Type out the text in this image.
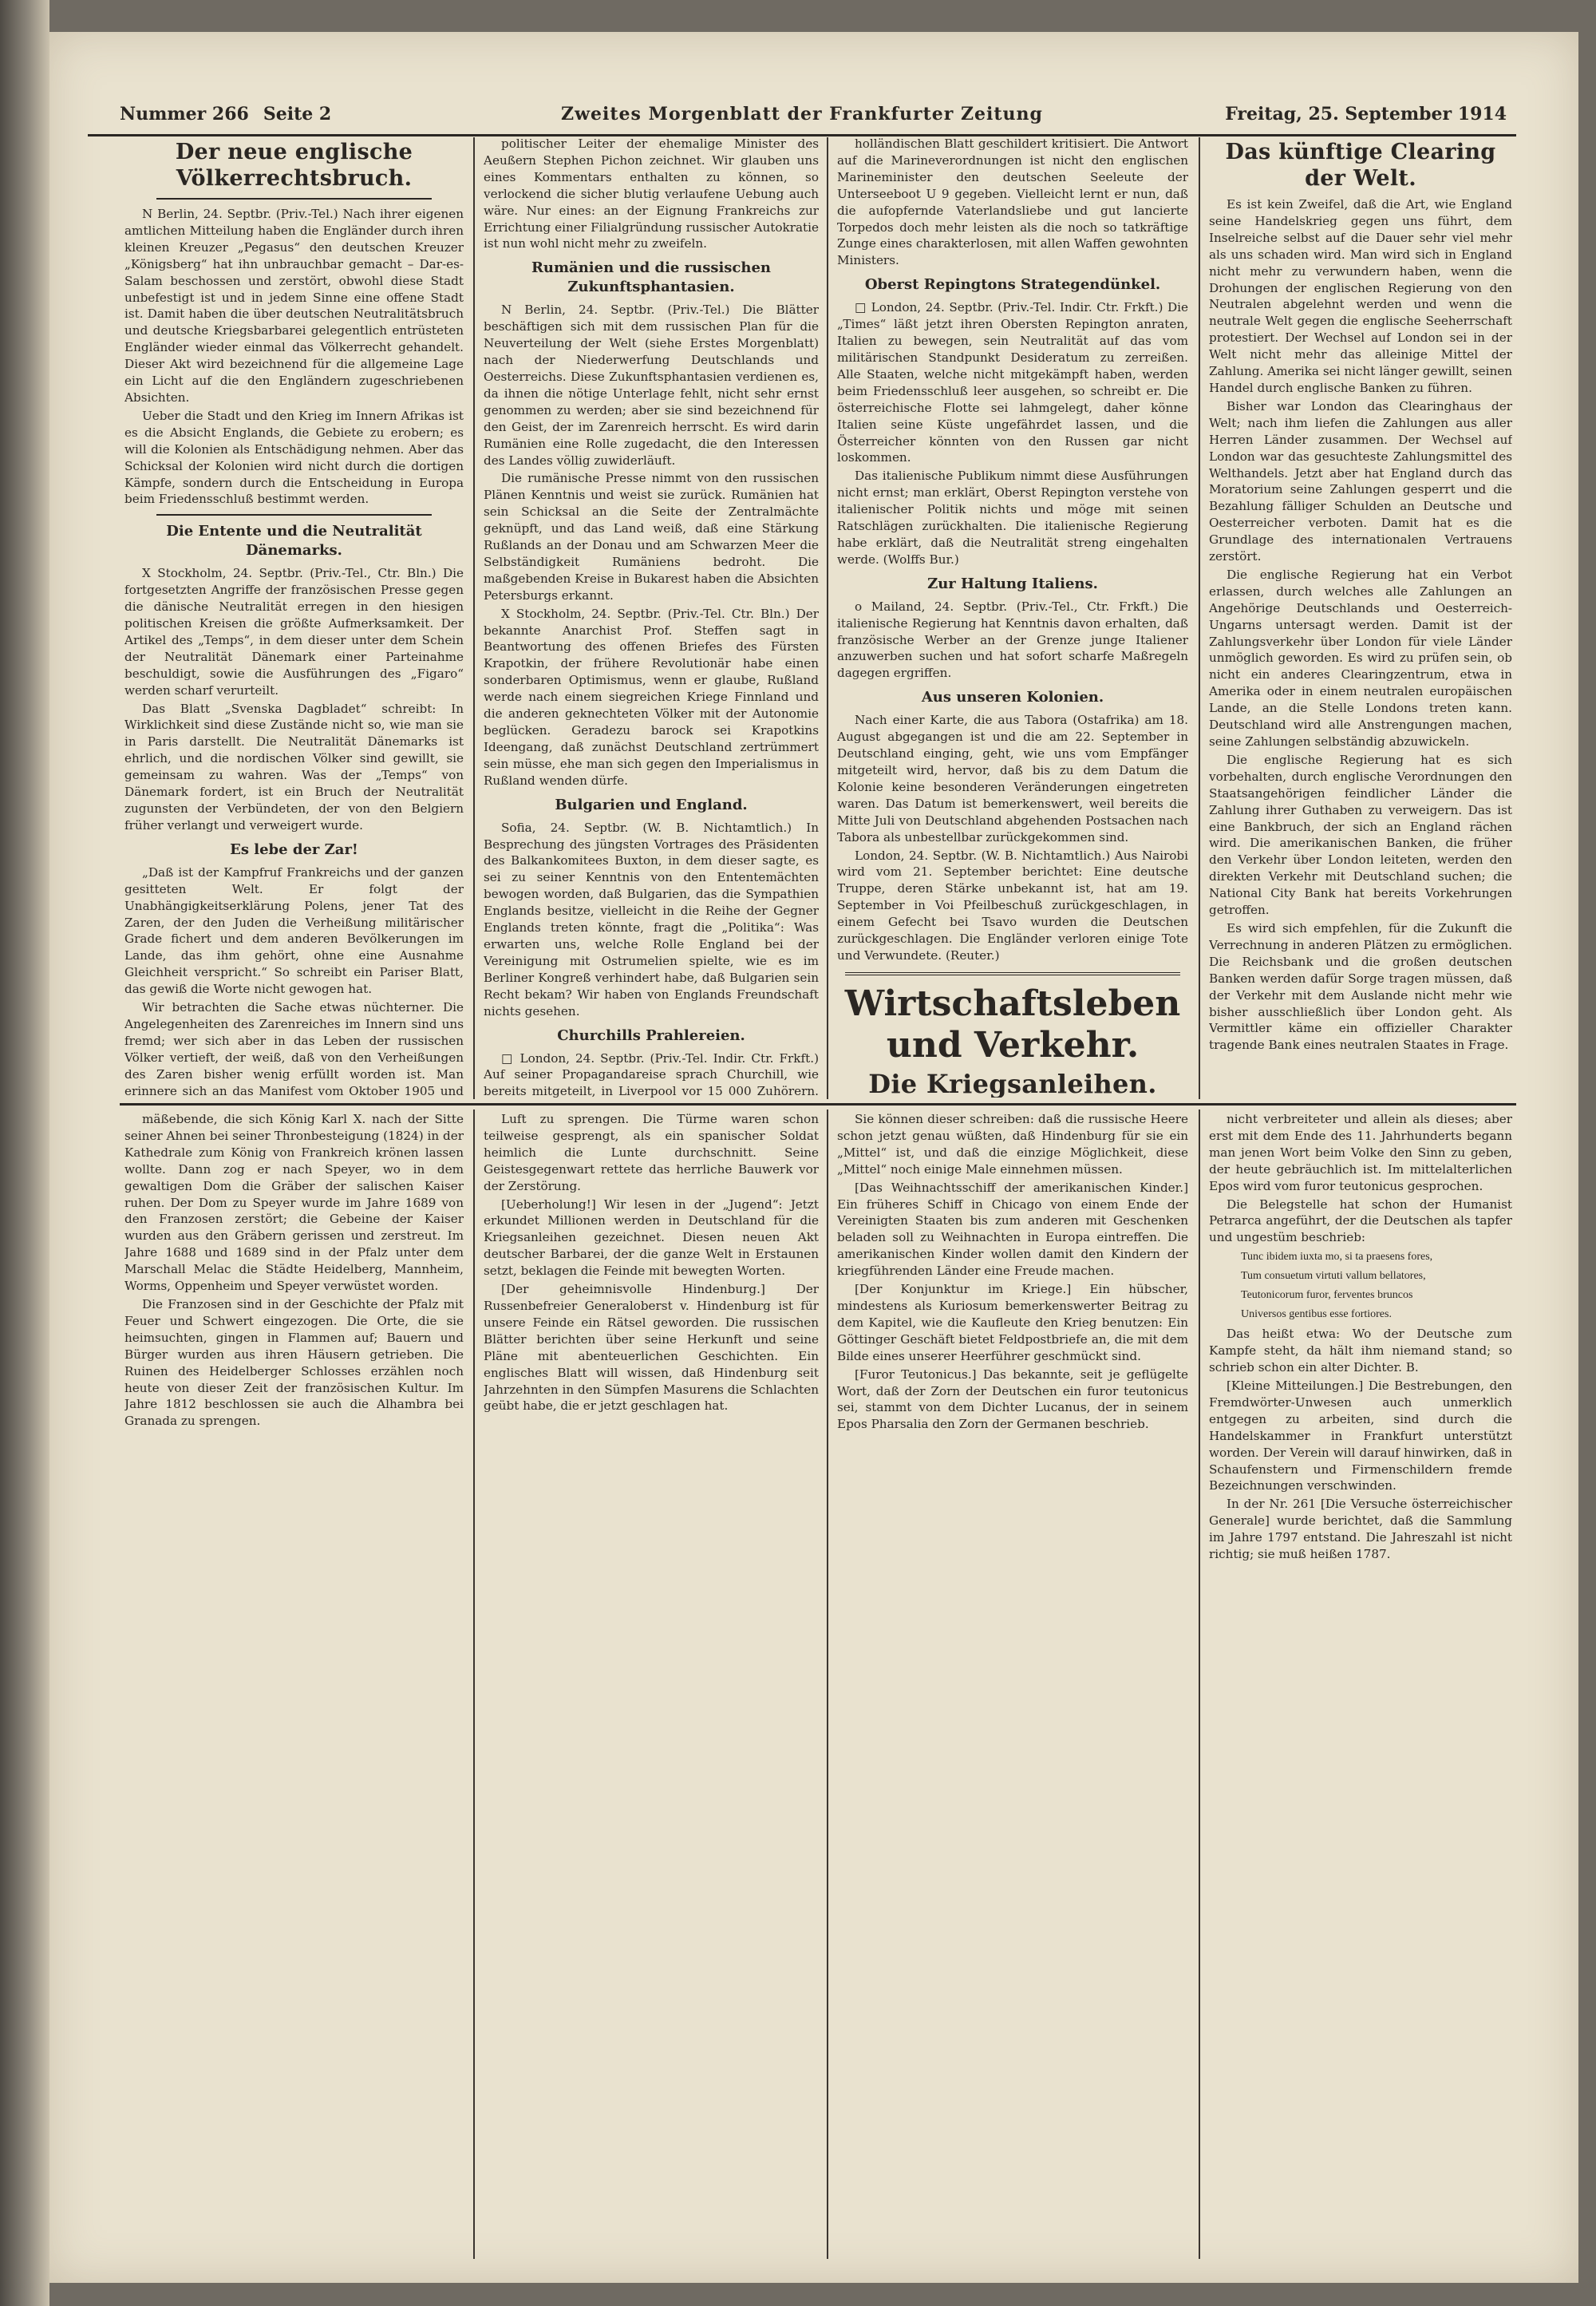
Nummer 266 Seite 2	Zweites Morgenblatt der Frankfurter Zeitung	Freitag, 25. September 1914
Der neue englische Völkerrechtsbruch.

N Berlin, 24. Septbr. (Priv.-Tel.) Nach ihrer eigenen amtlichen Mitteilung haben die Engländer durch ihren kleinen Kreuzer „Pegasus“ den deutschen Kreuzer „Königsberg“ hat ihn unbrauchbar gemacht – Dar-es-Salam beschossen und zerstört, obwohl diese Stadt unbefestigt ist und in jedem Sinne eine offene Stadt ist. Damit haben die über deutschen Neutralitätsbruch und deutsche Kriegsbarbarei gelegentlich entrüsteten Engländer wieder einmal das Völkerrecht gehandelt. Dieser Akt wird bezeichnend für die allgemeine Lage ein Licht auf die den Engländern zugeschriebenen Absichten.

Ueber die Stadt und den Krieg im Innern Afrikas ist es die Absicht Englands, die Gebiete zu erobern; es will die Kolonien als Entschädigung nehmen. Aber das Schicksal der Kolonien wird nicht durch die dortigen Kämpfe, sondern durch die Entscheidung in Europa beim Friedensschluß bestimmt werden.

Die Entente und die Neutralität Dänemarks.

X Stockholm, 24. Septbr. (Priv.-Tel., Ctr. Bln.) Die fortgesetzten Angriffe der französischen Presse gegen die dänische Neutralität erregen in den hiesigen politischen Kreisen die größte Aufmerksamkeit. Der Artikel des „Temps“, in dem dieser unter dem Schein der Neutralität Dänemark einer Parteinahme beschuldigt, sowie die Ausführungen des „Figaro“ werden scharf verurteilt.

Das Blatt „Svenska Dagbladet“ schreibt: In Wirklichkeit sind diese Zustände nicht so, wie man sie in Paris darstellt. Die Neutralität Dänemarks ist ehrlich, und die nordischen Völker sind gewillt, sie gemeinsam zu wahren. Was der „Temps“ von Dänemark fordert, ist ein Bruch der Neutralität zugunsten der Verbündeten, der von den Belgiern früher verlangt und verweigert wurde.

Es lebe der Zar!

„Daß ist der Kampfruf Frankreichs und der ganzen gesitteten Welt. Er folgt der Unabhängigkeitserklärung Polens, jener Tat des Zaren, der den Juden die Verheißung militärischer Grade fichert und dem anderen Bevölkerungen im Lande, das ihm gehört, ohne eine Ausnahme Gleichheit verspricht.“ So schreibt ein Pariser Blatt, das gewiß die Worte nicht gewogen hat.

Wir betrachten die Sache etwas nüchterner. Die Angelegenheiten des Zarenreiches im Innern sind uns fremd; wer sich aber in das Leben der russischen Völker vertieft, der weiß, daß von den Verheißungen des Zaren bisher wenig erfüllt worden ist. Man erinnere sich an das Manifest vom Oktober 1905 und

politischer Leiter der ehemalige Minister des Aeußern Stephen Pichon zeichnet. Wir glauben uns eines Kommentars enthalten zu können, so verlockend die sicher blutig verlaufene Uebung auch wäre. Nur eines: an der Eignung Frankreichs zur Errichtung einer Filialgründung russischer Autokratie ist nun wohl nicht mehr zu zweifeln.

Rumänien und die russischen Zukunftsphantasien.

N Berlin, 24. Septbr. (Priv.-Tel.) Die Blätter beschäftigen sich mit dem russischen Plan für die Neuverteilung der Welt (siehe Erstes Morgenblatt) nach der Niederwerfung Deutschlands und Oesterreichs. Diese Zukunftsphantasien verdienen es, da ihnen die nötige Unterlage fehlt, nicht sehr ernst genommen zu werden; aber sie sind bezeichnend für den Geist, der im Zarenreich herrscht. Es wird darin Rumänien eine Rolle zugedacht, die den Interessen des Landes völlig zuwiderläuft.

Die rumänische Presse nimmt von den russischen Plänen Kenntnis und weist sie zurück. Rumänien hat sein Schicksal an die Seite der Zentralmächte geknüpft, und das Land weiß, daß eine Stärkung Rußlands an der Donau und am Schwarzen Meer die Selbständigkeit Rumäniens bedroht. Die maßgebenden Kreise in Bukarest haben die Absichten Petersburgs erkannt.

X Stockholm, 24. Septbr. (Priv.-Tel. Ctr. Bln.) Der bekannte Anarchist Prof. Steffen sagt in Beantwortung des offenen Briefes des Fürsten Krapotkin, der frühere Revolutionär habe einen sonderbaren Optimismus, wenn er glaube, Rußland werde nach einem siegreichen Kriege Finnland und die anderen geknechteten Völker mit der Autonomie beglücken. Geradezu barock sei Krapotkins Ideengang, daß zunächst Deutschland zertrümmert sein müsse, ehe man sich gegen den Imperialismus in Rußland wenden dürfe.

Bulgarien und England.

Sofia, 24. Septbr. (W. B. Nichtamtlich.) In Besprechung des jüngsten Vortrages des Präsidenten des Balkankomitees Buxton, in dem dieser sagte, es sei zu seiner Kenntnis von den Ententemächten bewogen worden, daß Bulgarien, das die Sympathien Englands besitze, vielleicht in die Reihe der Gegner Englands treten könnte, fragt die „Politika“: Was erwarten uns, welche Rolle England bei der Vereinigung mit Ostrumelien spielte, wie es im Berliner Kongreß verhindert habe, daß Bulgarien sein Recht bekam? Wir haben von Englands Freundschaft nichts gesehen.

Churchills Prahlereien.

□ London, 24. Septbr. (Priv.-Tel. Indir. Ctr. Frkft.) Auf seiner Propagandareise sprach Churchill, wie bereits mitgeteilt, in Liverpool vor 15 000 Zuhörern.

holländischen Blatt geschildert kritisiert. Die Antwort auf die Marineverordnungen ist nicht den englischen Marineminister den deutschen Seeleute der Unterseeboot U 9 gegeben. Vielleicht lernt er nun, daß die aufopfernde Vaterlandsliebe und gut lancierte Torpedos doch mehr leisten als die noch so tatkräftige Zunge eines charakterlosen, mit allen Waffen gewohnten Ministers.

Oberst Repingtons Strategendünkel.

□ London, 24. Septbr. (Priv.-Tel. Indir. Ctr. Frkft.) Die „Times“ läßt jetzt ihren Obersten Repington anraten, Italien zu bewegen, sein Neutralität auf das vom militärischen Standpunkt Desideratum zu zerreißen. Alle Staaten, welche nicht mitgekämpft haben, werden beim Friedensschluß leer ausgehen, so schreibt er. Die österreichische Flotte sei lahmgelegt, daher könne Italien seine Küste ungefährdet lassen, und die Österreicher könnten von den Russen gar nicht loskommen.

Das italienische Publikum nimmt diese Ausführungen nicht ernst; man erklärt, Oberst Repington verstehe von italienischer Politik nichts und möge mit seinen Ratschlägen zurückhalten. Die italienische Regierung habe erklärt, daß die Neutralität streng eingehalten werde. (Wolffs Bur.)

Zur Haltung Italiens.

o Mailand, 24. Septbr. (Priv.-Tel., Ctr. Frkft.) Die italienische Regierung hat Kenntnis davon erhalten, daß französische Werber an der Grenze junge Italiener anzuwerben suchen und hat sofort scharfe Maßregeln dagegen ergriffen.

Aus unseren Kolonien.

Nach einer Karte, die aus Tabora (Ostafrika) am 18. August abgegangen ist und die am 22. September in Deutschland einging, geht, wie uns vom Empfänger mitgeteilt wird, hervor, daß bis zu dem Datum die Kolonie keine besonderen Veränderungen eingetreten waren. Das Datum ist bemerkenswert, weil bereits die Mitte Juli von Deutschland abgehenden Postsachen nach Tabora als unbestellbar zurückgekommen sind.

London, 24. Septbr. (W. B. Nichtamtlich.) Aus Nairobi wird vom 21. September berichtet: Eine deutsche Truppe, deren Stärke unbekannt ist, hat am 19. September in Voi Pfeilbeschuß zurückgeschlagen, in einem Gefecht bei Tsavo wurden die Deutschen zurückgeschlagen. Die Engländer verloren einige Tote und Verwundete. (Reuter.)

Wirtschaftsleben und Verkehr.
Die Kriegsanleihen.

Das künftige Clearing der Welt.

Es ist kein Zweifel, daß die Art, wie England seine Handelskrieg gegen uns führt, dem Inselreiche selbst auf die Dauer sehr viel mehr als uns schaden wird. Man wird sich in England nicht mehr zu verwundern haben, wenn die Drohungen der englischen Regierung von den Neutralen abgelehnt werden und wenn die neutrale Welt gegen die englische Seeherrschaft protestiert. Der Wechsel auf London sei in der Welt nicht mehr das alleinige Mittel der Zahlung. Amerika sei nicht länger gewillt, seinen Handel durch englische Banken zu führen.

Bisher war London das Clearinghaus der Welt; nach ihm liefen die Zahlungen aus aller Herren Länder zusammen. Der Wechsel auf London war das gesuchteste Zahlungsmittel des Welthandels. Jetzt aber hat England durch das Moratorium seine Zahlungen gesperrt und die Bezahlung fälliger Schulden an Deutsche und Oesterreicher verboten. Damit hat es die Grundlage des internationalen Vertrauens zerstört.

Die englische Regierung hat ein Verbot erlassen, durch welches alle Zahlungen an Angehörige Deutschlands und Oesterreich-Ungarns untersagt werden. Damit ist der Zahlungsverkehr über London für viele Länder unmöglich geworden. Es wird zu prüfen sein, ob nicht ein anderes Clearingzentrum, etwa in Amerika oder in einem neutralen europäischen Lande, an die Stelle Londons treten kann. Deutschland wird alle Anstrengungen machen, seine Zahlungen selbständig abzuwickeln.

Die englische Regierung hat es sich vorbehalten, durch englische Verordnungen den Staatsangehörigen feindlicher Länder die Zahlung ihrer Guthaben zu verweigern. Das ist eine Bankbruch, der sich an England rächen wird. Die amerikanischen Banken, die früher den Verkehr über London leiteten, werden den direkten Verkehr mit Deutschland suchen; die National City Bank hat bereits Vorkehrungen getroffen.

Es wird sich empfehlen, für die Zukunft die Verrechnung in anderen Plätzen zu ermöglichen. Die Reichsbank und die großen deutschen Banken werden dafür Sorge tragen müssen, daß der Verkehr mit dem Auslande nicht mehr wie bisher ausschließlich über London geht. Als Vermittler käme ein offizieller Charakter tragende Bank eines neutralen Staates in Frage.

mäßebende, die sich König Karl X. nach der Sitte seiner Ahnen bei seiner Thronbesteigung (1824) in der Kathedrale zum König von Frankreich krönen lassen wollte. Dann zog er nach Speyer, wo in dem gewaltigen Dom die Gräber der salischen Kaiser ruhen. Der Dom zu Speyer wurde im Jahre 1689 von den Franzosen zerstört; die Gebeine der Kaiser wurden aus den Gräbern gerissen und zerstreut. Im Jahre 1688 und 1689 sind in der Pfalz unter dem Marschall Melac die Städte Heidelberg, Mannheim, Worms, Oppenheim und Speyer verwüstet worden.

Die Franzosen sind in der Geschichte der Pfalz mit Feuer und Schwert eingezogen. Die Orte, die sie heimsuchten, gingen in Flammen auf; Bauern und Bürger wurden aus ihren Häusern getrieben. Die Ruinen des Heidelberger Schlosses erzählen noch heute von dieser Zeit der französischen Kultur. Im Jahre 1812 beschlossen sie auch die Alhambra bei Granada zu sprengen.

Luft zu sprengen. Die Türme waren schon teilweise gesprengt, als ein spanischer Soldat heimlich die Lunte durchschnitt. Seine Geistesgegenwart rettete das herrliche Bauwerk vor der Zerstörung.

[Ueberholung!] Wir lesen in der „Jugend“: Jetzt erkundet Millionen werden in Deutschland für die Kriegsanleihen gezeichnet. Diesen neuen Akt deutscher Barbarei, der die ganze Welt in Erstaunen setzt, beklagen die Feinde mit bewegten Worten.

[Der geheimnisvolle Hindenburg.] Der Russenbefreier Generaloberst v. Hindenburg ist für unsere Feinde ein Rätsel geworden. Die russischen Blätter berichten über seine Herkunft und seine Pläne mit abenteuerlichen Geschichten. Ein englisches Blatt will wissen, daß Hindenburg seit Jahrzehnten in den Sümpfen Masurens die Schlachten geübt habe, die er jetzt geschlagen hat.

Sie können dieser schreiben: daß die russische Heere schon jetzt genau wüßten, daß Hindenburg für sie ein „Mittel“ ist, und daß die einzige Möglichkeit, diese „Mittel“ noch einige Male einnehmen müssen.

[Das Weihnachtsschiff der amerikanischen Kinder.] Ein früheres Schiff in Chicago von einem Ende der Vereinigten Staaten bis zum anderen mit Geschenken beladen soll zu Weihnachten in Europa eintreffen. Die amerikanischen Kinder wollen damit den Kindern der kriegführenden Länder eine Freude machen.

[Der Konjunktur im Kriege.] Ein hübscher, mindestens als Kuriosum bemerkenswerter Beitrag zu dem Kapitel, wie die Kaufleute den Krieg benutzen: Ein Göttinger Geschäft bietet Feldpostbriefe an, die mit dem Bilde eines unserer Heerführer geschmückt sind.

[Furor Teutonicus.] Das bekannte, seit je geflügelte Wort, daß der Zorn der Deutschen ein furor teutonicus sei, stammt von dem Dichter Lucanus, der in seinem Epos Pharsalia den Zorn der Germanen beschrieb.

nicht verbreiteter und allein als dieses; aber erst mit dem Ende des 11. Jahrhunderts begann man jenen Wort beim Volke den Sinn zu geben, der heute gebräuchlich ist. Im mittelalterlichen Epos wird vom furor teutonicus gesprochen.

Die Belegstelle hat schon der Humanist Petrarca angeführt, der die Deutschen als tapfer und ungestüm beschrieb:

Tunc ibidem iuxta mo, si ta praesens fores,
Tum consuetum virtuti vallum bellatores,
Teutonicorum furor, ferventes bruncos
Universos gentibus esse fortiores.

Das heißt etwa: Wo der Deutsche zum Kampfe steht, da hält ihm niemand stand; so schrieb schon ein alter Dichter. B.

[Kleine Mitteilungen.] Die Bestrebungen, den Fremdwörter-Unwesen auch unmerklich entgegen zu arbeiten, sind durch die Handelskammer in Frankfurt unterstützt worden. Der Verein will darauf hinwirken, daß in Schaufenstern und Firmenschildern fremde Bezeichnungen verschwinden.

In der Nr. 261 [Die Versuche österreichischer Generale] wurde berichtet, daß die Sammlung im Jahre 1797 entstand. Die Jahreszahl ist nicht richtig; sie muß heißen 1787.
